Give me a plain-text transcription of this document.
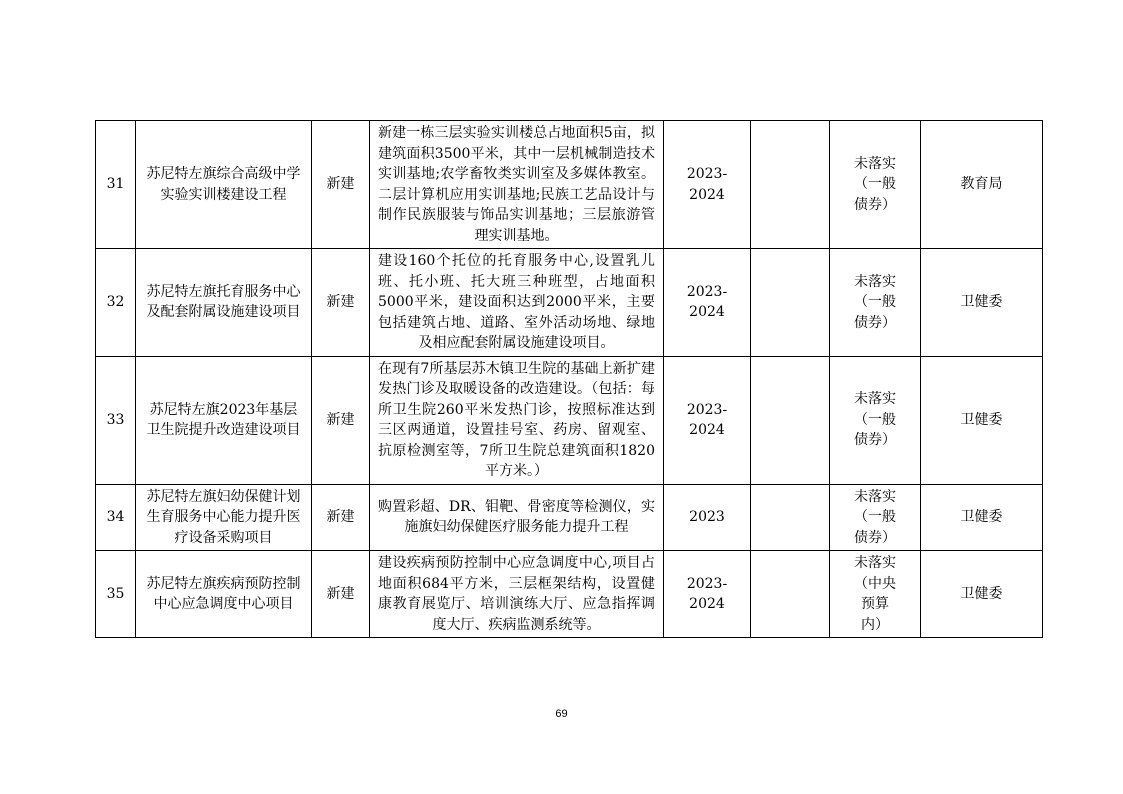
31	苏尼特左旗综合高级中学实验实训楼建设工程	新建	新建一栋三层实验实训楼总占地面积5亩，拟建筑面积3500平米，其中一层机械制造技术实训基地;农学畜牧类实训室及多媒体教室。二层计算机应用实训基地;民族工艺品设计与制作民族服装与饰品实训基地；三层旅游管理实训基地。	2023-2024		未落实（一般债券）	教育局
32	苏尼特左旗托育服务中心及配套附属设施建设项目	新建	建设160个托位的托育服务中心,设置乳儿班、托小班、托大班三种班型，占地面积5000平米，建设面积达到2000平米，主要包括建筑占地、道路、室外活动场地、绿地及相应配套附属设施建设项目。	2023-2024		未落实（一般债券）	卫健委
33	苏尼特左旗2023年基层卫生院提升改造建设项目	新建	在现有7所基层苏木镇卫生院的基础上新扩建发热门诊及取暖设备的改造建设。（包括：每所卫生院260平米发热门诊，按照标准达到三区两通道，设置挂号室、药房、留观室、抗原检测室等，7所卫生院总建筑面积1820平方米。）	2023-2024		未落实（一般债券）	卫健委
34	苏尼特左旗妇幼保健计划生育服务中心能力提升医疗设备采购项目	新建	购置彩超、DR、钼靶、骨密度等检测仪，实施旗妇幼保健医疗服务能力提升工程	2023		未落实（一般债券）	卫健委
35	苏尼特左旗疾病预防控制中心应急调度中心项目	新建	建设疾病预防控制中心应急调度中心,项目占地面积684平方米，三层框架结构，设置健康教育展览厅、培训演练大厅、应急指挥调度大厅、疾病监测系统等。	2023-2024		未落实（中央预算内）	卫健委
69
